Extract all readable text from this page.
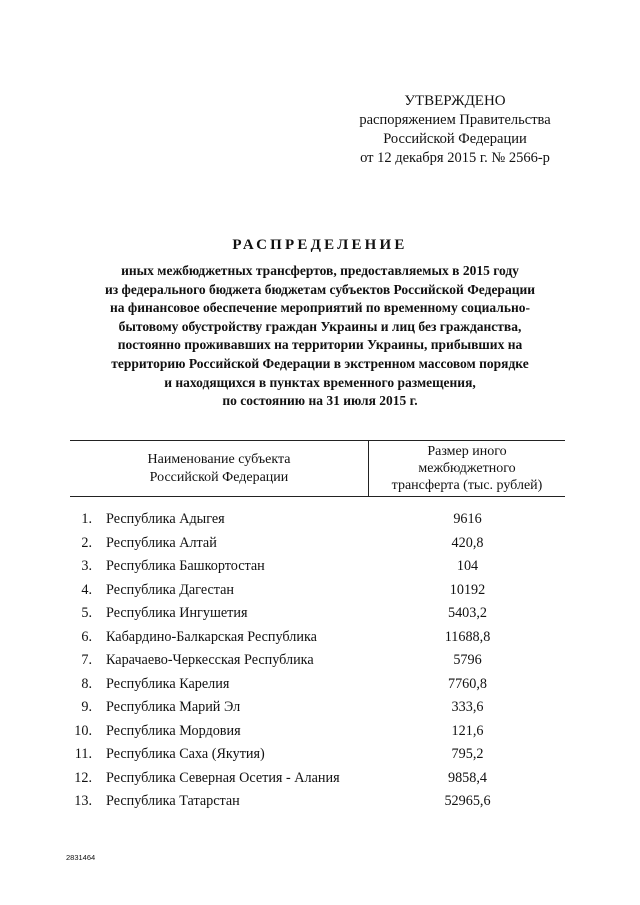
УТВЕРЖДЕНО
распоряжением Правительства
Российской Федерации
от 12 декабря 2015 г. № 2566-р
РАСПРЕДЕЛЕНИЕ
иных межбюджетных трансфертов, предоставляемых в 2015 году
из федерального бюджета бюджетам субъектов Российской Федерации
на финансовое обеспечение мероприятий по временному социально-
бытовому обустройству граждан Украины и лиц без гражданства,
постоянно проживавших на территории Украины, прибывших на
территорию Российской Федерации в экстренном массовом порядке
и находящихся в пунктах временного размещения,
по состоянию на 31 июля 2015 г.
Наименование субъекта
Российской Федерации
Размер иного
межбюджетного
трансферта (тыс. рублей)
1. Республика Адыгея	9616
2. Республика Алтай	420,8
3. Республика Башкортостан	104
4. Республика Дагестан	10192
5. Республика Ингушетия	5403,2
6. Кабардино-Балкарская Республика	11688,8
7. Карачаево-Черкесская Республика	5796
8. Республика Карелия	7760,8
9. Республика Марий Эл	333,6
10. Республика Мордовия	121,6
11. Республика Саха (Якутия)	795,2
12. Республика Северная Осетия - Алания	9858,4
13. Республика Татарстан	52965,6
2831464
